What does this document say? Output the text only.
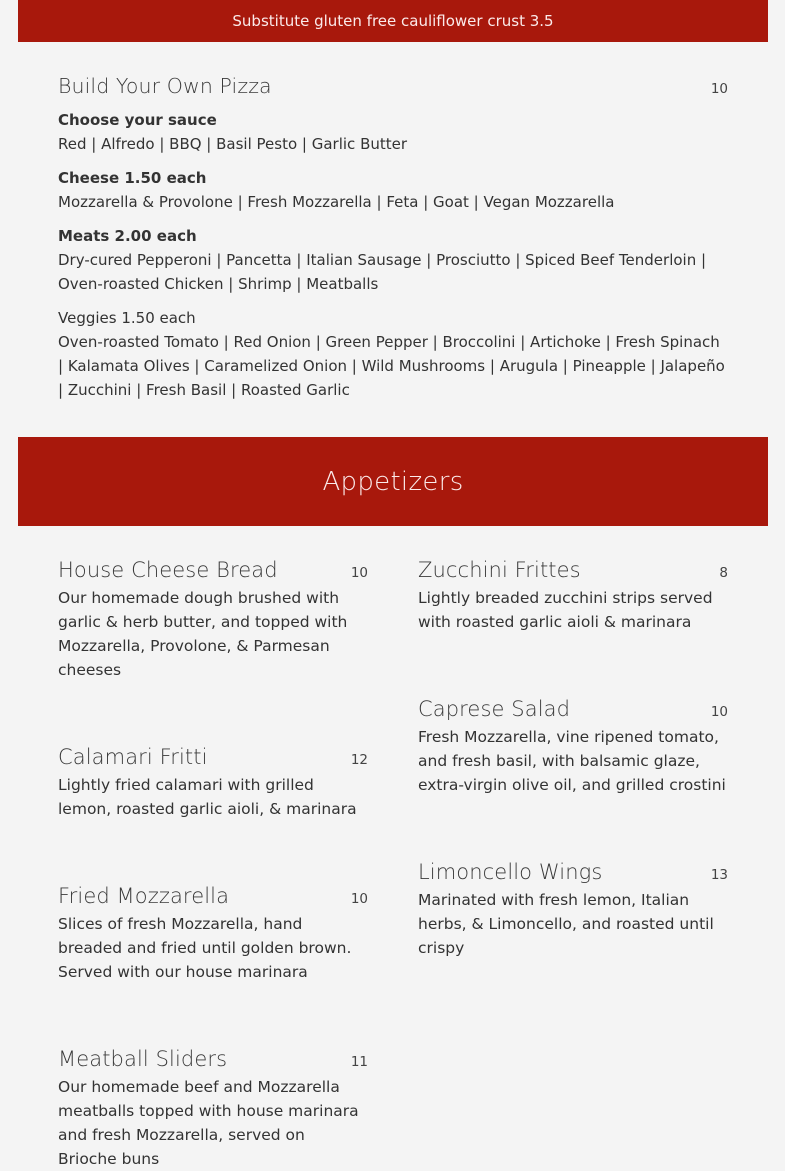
Substitute gluten free cauliflower crust 3.5
Build Your Own Pizza	10
Choose your sauce
Red | Alfredo | BBQ | Basil Pesto | Garlic Butter
Cheese 1.50 each
Mozzarella & Provolone | Fresh Mozzarella | Feta | Goat | Vegan Mozzarella
Meats 2.00 each
Dry-cured Pepperoni | Pancetta | Italian Sausage | Prosciutto | Spiced Beef Tenderloin | Oven-roasted Chicken | Shrimp | Meatballs
Veggies 1.50 each
Oven-roasted Tomato | Red Onion | Green Pepper | Broccolini | Artichoke | Fresh Spinach | Kalamata Olives | Caramelized Onion | Wild Mushrooms | Arugula | Pineapple | Jalapeño | Zucchini | Fresh Basil | Roasted Garlic
Appetizers
House Cheese Bread	10
Our homemade dough brushed with garlic & herb butter, and topped with Mozzarella, Provolone, & Parmesan cheeses
Calamari Fritti	12
Lightly fried calamari with grilled lemon, roasted garlic aioli, & marinara
Fried Mozzarella	10
Slices of fresh Mozzarella, hand breaded and fried until golden brown. Served with our house marinara
Meatball Sliders	11
Our homemade beef and Mozzarella meatballs topped with house marinara and fresh Mozzarella, served on Brioche buns
Zucchini Frittes	8
Lightly breaded zucchini strips served with roasted garlic aioli & marinara
Caprese Salad	10
Fresh Mozzarella, vine ripened tomato, and fresh basil, with balsamic glaze, extra-virgin olive oil, and grilled crostini
Limoncello Wings	13
Marinated with fresh lemon, Italian herbs, & Limoncello, and roasted until crispy
